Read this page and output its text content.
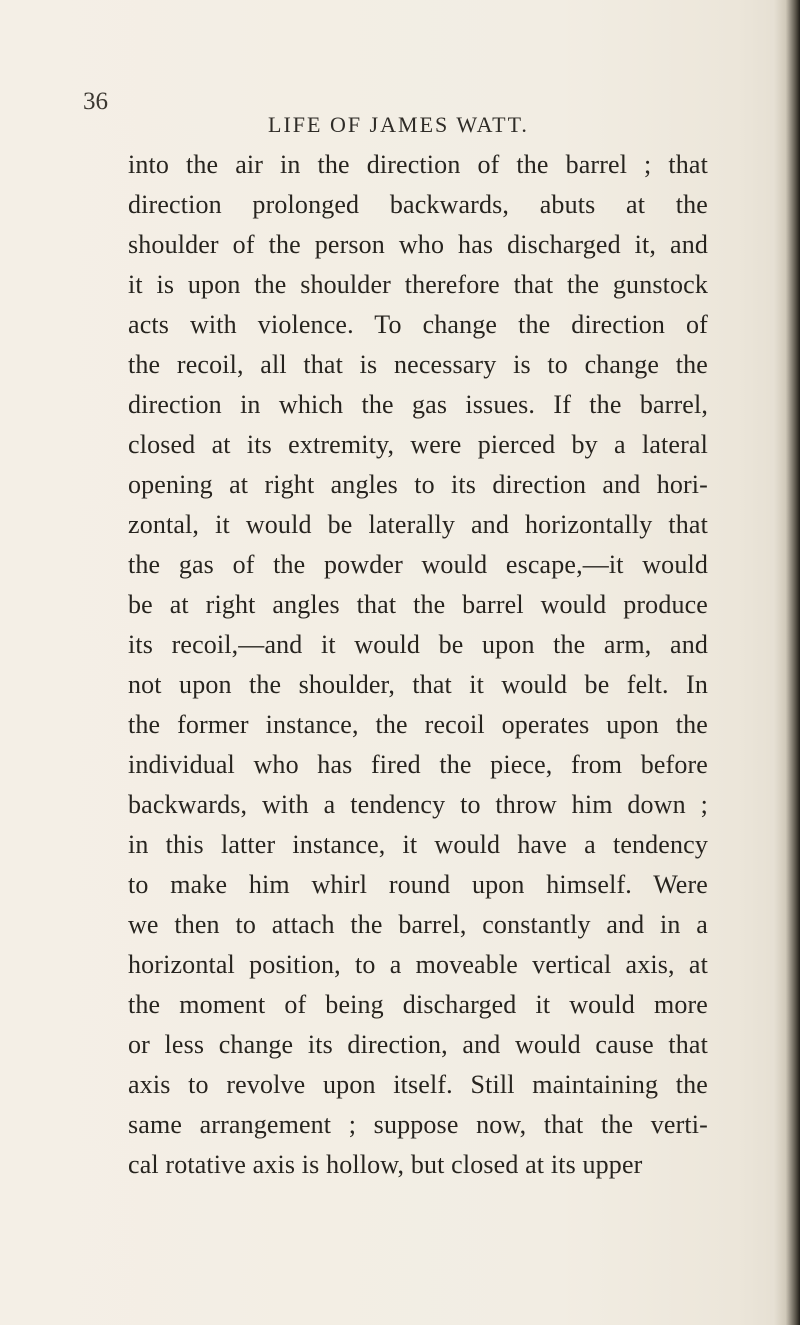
36
LIFE OF JAMES WATT.
into the air in the direction of the barrel ; that
direction prolonged backwards, abuts at the
shoulder of the person who has discharged it, and
it is upon the shoulder therefore that the gunstock
acts with violence. To change the direction of
the recoil, all that is necessary is to change the
direction in which the gas issues. If the barrel,
closed at its extremity, were pierced by a lateral
opening at right angles to its direction and hori-
zontal, it would be laterally and horizontally that
the gas of the powder would escape,—it would
be at right angles that the barrel would produce
its recoil,—and it would be upon the arm, and
not upon the shoulder, that it would be felt. In
the former instance, the recoil operates upon the
individual who has fired the piece, from before
backwards, with a tendency to throw him down ;
in this latter instance, it would have a tendency
to make him whirl round upon himself. Were
we then to attach the barrel, constantly and in a
horizontal position, to a moveable vertical axis, at
the moment of being discharged it would more
or less change its direction, and would cause that
axis to revolve upon itself. Still maintaining the
same arrangement ; suppose now, that the verti-
cal rotative axis is hollow, but closed at its upper
